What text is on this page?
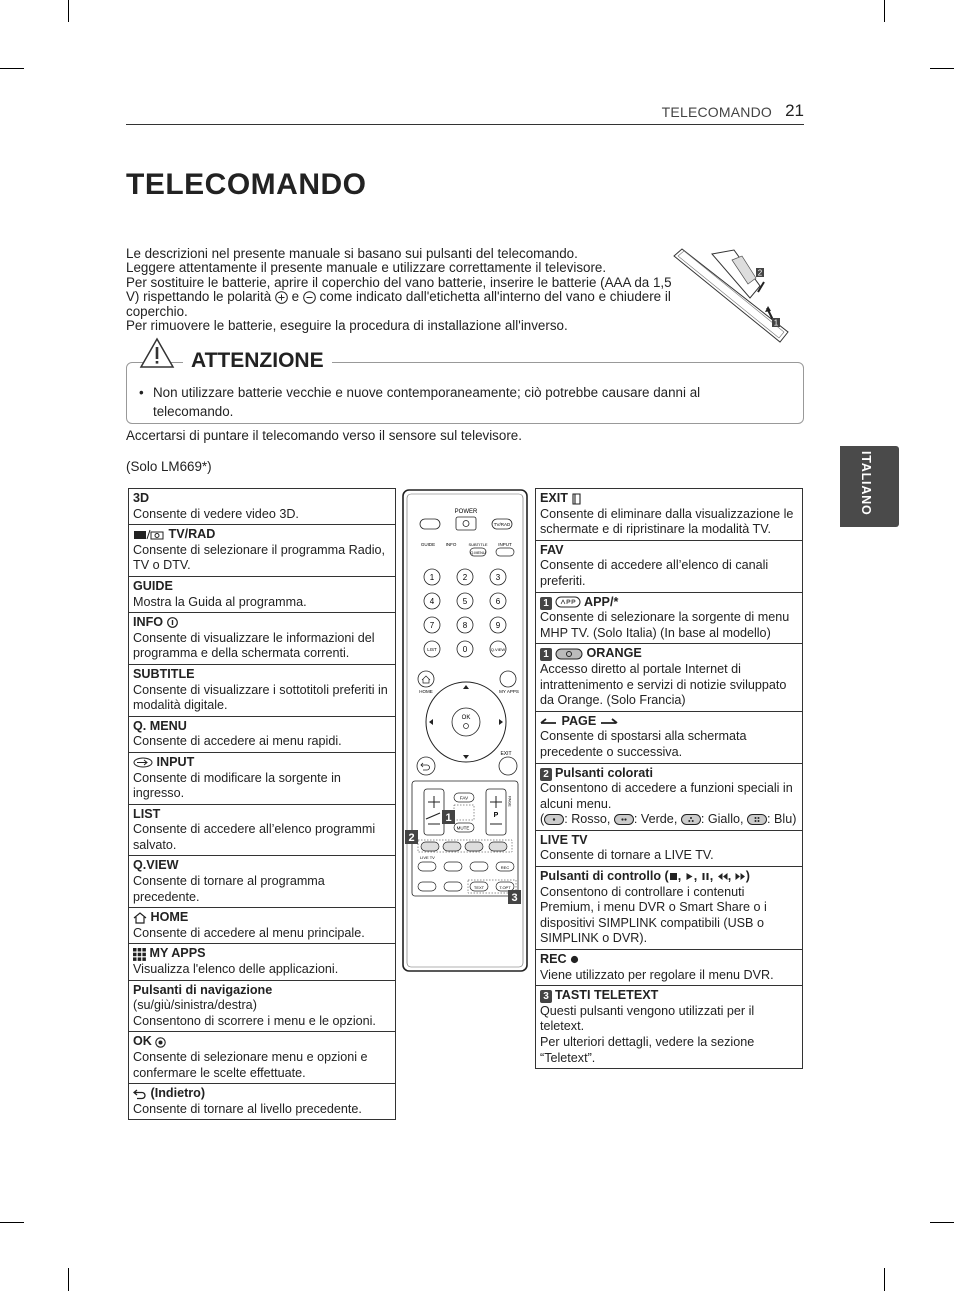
TELECOMANDO 21
TELECOMANDO

Le descrizioni nel presente manuale si basano sui pulsanti del telecomando.

Leggere attentamente il presente manuale e utilizzare correttamente il televisore.

Per sostituire le batterie, aprire il coperchio del vano batterie, inserire le batterie (AAA da 1,5 V) rispettando le polarità e come indicato dall'etichetta all'interno del vano e chiudere il coperchio.

Per rimuovere le batterie, eseguire la procedura di installazione all'inverso.

2
1
ATTENZIONE
• Non utilizzare batterie vecchie e nuove contemporaneamente; ciò potrebbe causare danni al telecomando.
Accertarsi di puntare il telecomando verso il sensore sul televisore.
(Solo LM669*)	ITALIANO
3D
Consente di vedere video 3D.

TV/RAD
Consente di selezionare il programma Radio, TV o DTV.

GUIDE
Mostra la Guida al programma.

INFO
Consente di visualizzare le informazioni del programma e della schermata correnti.

SUBTITLE
Consente di visualizzare i sottotitoli preferiti in modalità digitale.

Q. MENU
Consente di accedere ai menu rapidi.

INPUT
Consente di modificare la sorgente in ingresso.

LIST
Consente di accedere all’elenco programmi salvato.

Q.VIEW
Consente di tornare al programma precedente.

HOME
Consente di accedere al menu principale.

MY APPS
Visualizza l'elenco delle applicazioni.

Pulsanti di navigazione (su/giù/sinistra/destra)
Consentono di scorrere i menu e le opzioni.

OK
Consente di selezionare menu e opzioni e confermare le scelte effettuate.

(Indietro)
Consente di tornare al livello precedente.
EXIT
Consente di eliminare dalla visualizzazione le schermate e di ripristinare la modalità TV.

FAV
Consente di accedere all’elenco di canali preferiti.

1	APP/*
Consente di selezionare la sorgente di menu MHP TV. (Solo Italia) (In base al modello)

1	ORANGE
Accesso diretto al portale Internet di intrattenimento e servizi di notizie sviluppato da Orange. (Solo Francia)

PAGE
Consente di spostarsi alla schermata precedente o successiva.

2 Pulsanti colorati
Consentono di accedere a funzioni speciali in alcuni menu.
( : Rosso, : Verde, : Giallo, : Blu)

LIVE TV
Consente di tornare a LIVE TV.

Pulsanti di controllo ( , , , , )
Consentono di controllare i contenuti Premium, i menu DVR o Smart Share o i dispositivi SIMPLINK compatibili (USB o SIMPLINK o DVR).

REC
Viene utilizzato per regolare il menu DVR.

3 TASTI TELETEXT
Questi pulsanti vengono utilizzati per il teletext.
Per ulteriori dettagli, vedere la sezione “Teletext”.
POWER
TV/RAD
GUIDE INFO	SUBTITLE INPUT
Q.MENU
1	2	3
4	5	6
7	8	9
LIST	0	Q.VIEW
HOME	MY APPS
OK
EXIT
FAV
MUTE
P
PAGE
LIVE TV
REC
TEXT	T.OPT
1
2
3
